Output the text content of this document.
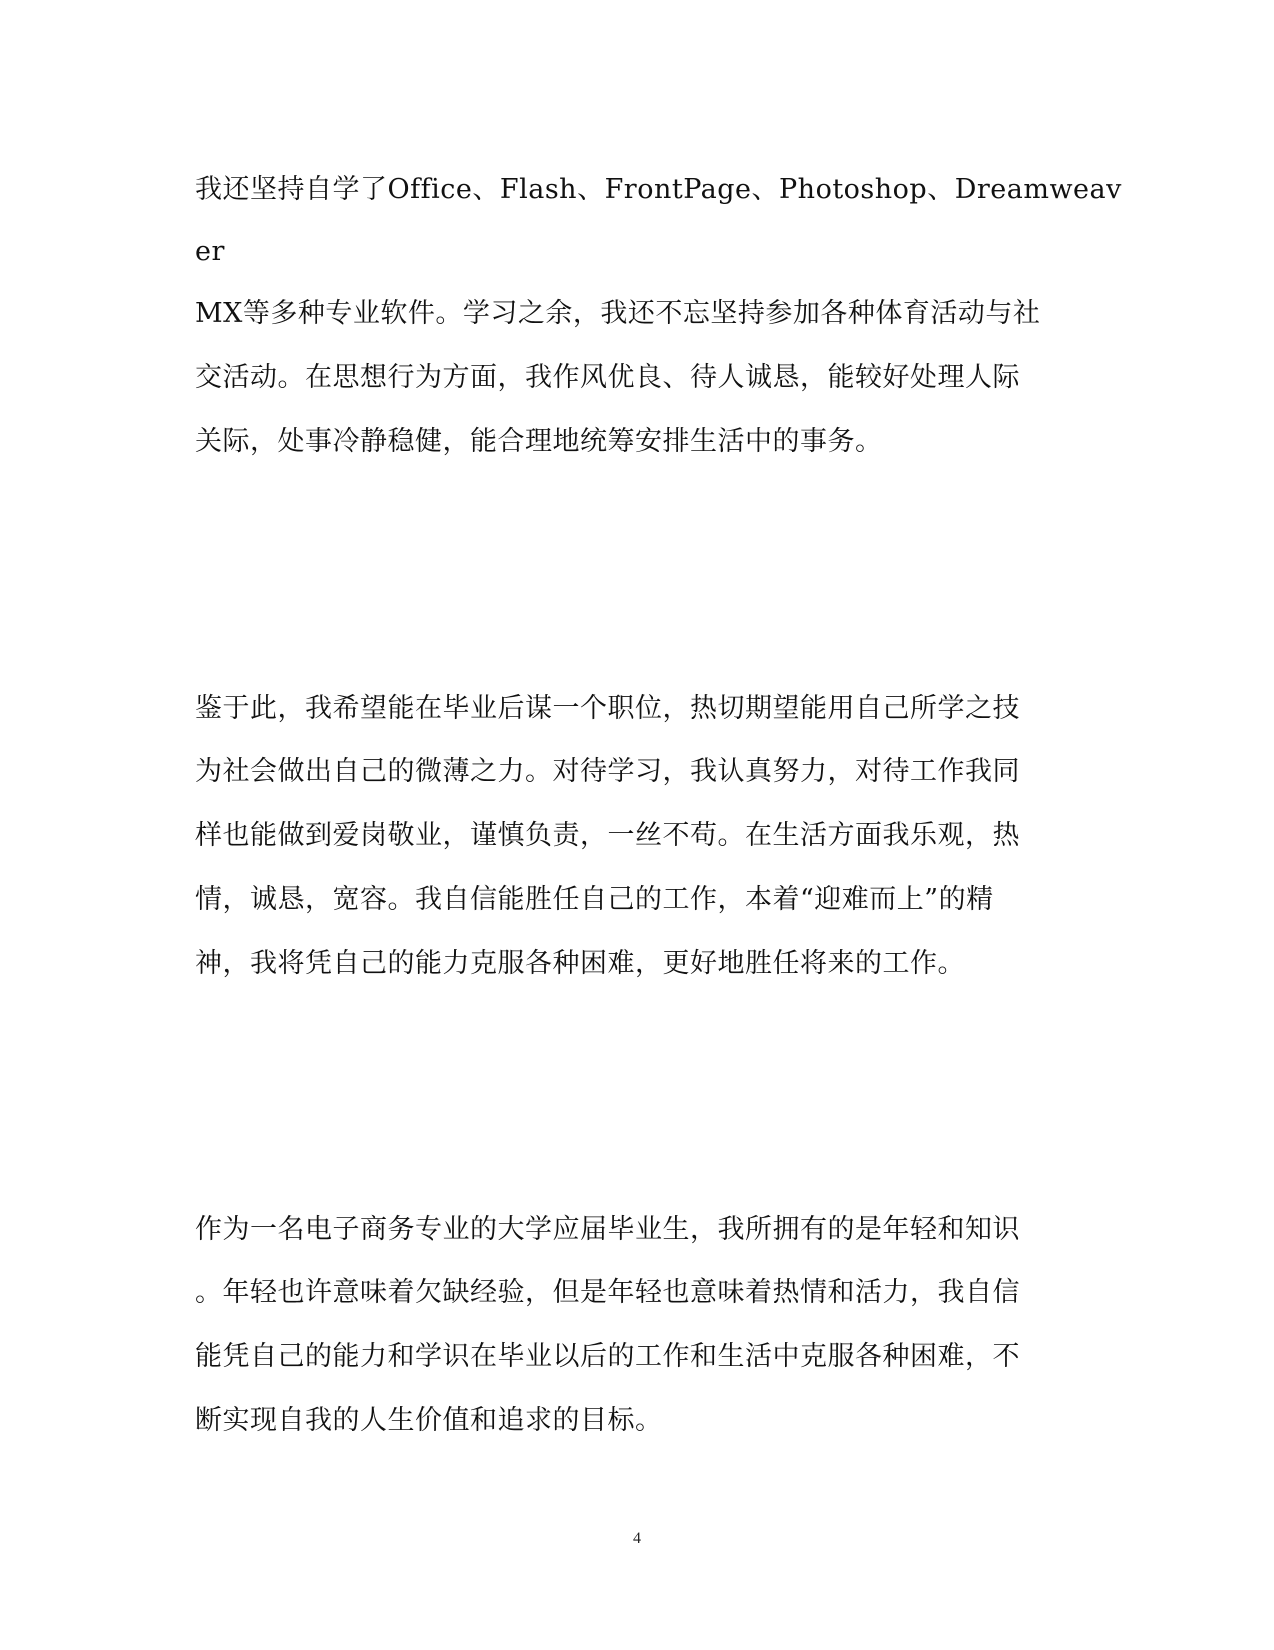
我还坚持自学了Office、Flash、FrontPage、Photoshop、Dreamweav
er
MX等多种专业软件。学习之余，我还不忘坚持参加各种体育活动与社
交活动。在思想行为方面，我作风优良、待人诚恳，能较好处理人际
关际，处事冷静稳健，能合理地统筹安排生活中的事务。
鉴于此，我希望能在毕业后谋一个职位，热切期望能用自己所学之技
为社会做出自己的微薄之力。对待学习，我认真努力，对待工作我同
样也能做到爱岗敬业，谨慎负责，一丝不苟。在生活方面我乐观，热
情，诚恳，宽容。我自信能胜任自己的工作，本着“迎难而上”的精
神，我将凭自己的能力克服各种困难，更好地胜任将来的工作。
作为一名电子商务专业的大学应届毕业生，我所拥有的是年轻和知识
。年轻也许意味着欠缺经验，但是年轻也意味着热情和活力，我自信
能凭自己的能力和学识在毕业以后的工作和生活中克服各种困难，不
断实现自我的人生价值和追求的目标。
4
